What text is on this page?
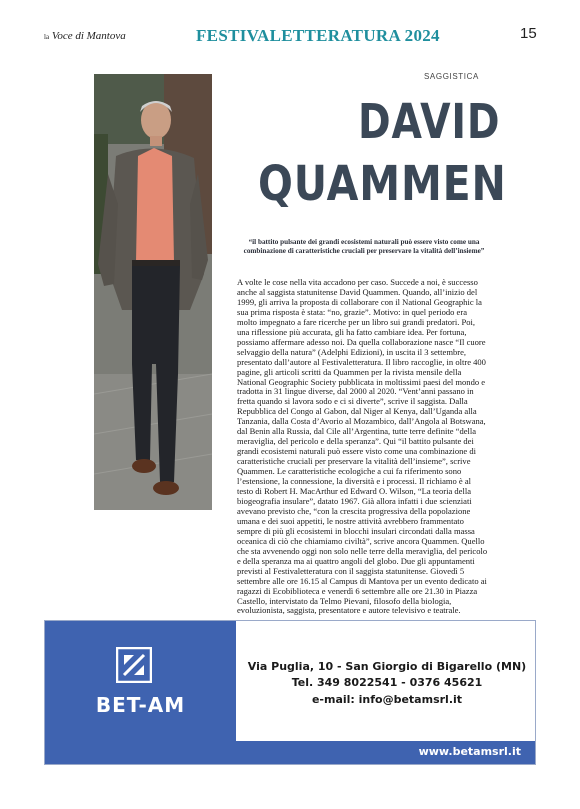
la Voce di Mantova	FESTIVALETTERATURA 2024	15
SAGGISTICA
DAVID
QUAMMEN
“il battito pulsante dei grandi ecosistemi naturali può essere visto come una combinazione di caratteristiche cruciali per preservare la vitalità dell’insieme”
A volte le cose nella vita accadono per caso. Succede a noi, è successo anche al saggista statunitense David Quammen. Quando, all’inizio del 1999, gli arriva la proposta di collaborare con il National Geographic la sua prima risposta è stata: “no, grazie”. Motivo: in quel periodo era molto impegnato a fare ricerche per un libro sui grandi predatori. Poi, una riflessione più accurata, gli ha fatto cambiare idea. Per fortuna, possiamo affermare adesso noi. Da quella collaborazione nasce “Il cuore selvaggio della natura” (Adelphi Edizioni), in uscita il 3 settembre, presentato dall’autore al Festivaletteratura. Il libro raccoglie, in oltre 400 pagine, gli articoli scritti da Quammen per la rivista mensile della National Geographic Society pubblicata in moltissimi paesi del mondo e tradotta in 31 lingue diverse, dal 2000 al 2020. “Vent’anni passano in fretta quando si lavora sodo e ci si diverte”, scrive il saggista. Dalla Repubblica del Congo al Gabon, dal Niger al Kenya, dall’Uganda alla Tanzania, dalla Costa d’Avorio al Mozambico, dall’Angola al Botswana, dal Benin alla Russia, dal Cile all’Argentina, tutte terre definite “della meraviglia, del pericolo e della speranza”. Qui “il battito pulsante dei grandi ecosistemi naturali può essere visto come una combinazione di caratteristiche cruciali per preservare la vitalità dell’insieme”, scrive Quammen. Le caratteristiche ecologiche a cui fa riferimento sono l’estensione, la connessione, la diversità e i processi. Il richiamo è al testo di Robert H. MacArthur ed Edward O. Wilson, “La teoria della biogeografia insulare”, datato 1967. Già allora infatti i due scienziati avevano previsto che, “con la crescita progressiva della popolazione umana e dei suoi appetiti, le nostre attività avrebbero frammentato sempre di più gli ecosistemi in blocchi insulari circondati dalla massa oceanica di ciò che chiamiamo civiltà”, scrive ancora Quammen. Quello che sta avvenendo oggi non solo nelle terre della meraviglia, del pericolo e della speranza ma ai quattro angoli del globo. Due gli appuntamenti previsti al Festivaletteratura con il saggista statunitense. Giovedì 5 settembre alle ore 16.15 al Campus di Mantova per un evento dedicato ai ragazzi di Ecobiblioteca e venerdì 6 settembre alle ore 21.30 in Piazza Castello, intervistato da Telmo Pievani, filosofo della biologia, evoluzionista, saggista, presentatore e autore televisivo e teatrale.
BET-AM
Via Puglia, 10 - San Giorgio di Bigarello (MN)
Tel. 349 8022541 - 0376 45621
e-mail: info@betamsrl.it
www.betamsrl.it
